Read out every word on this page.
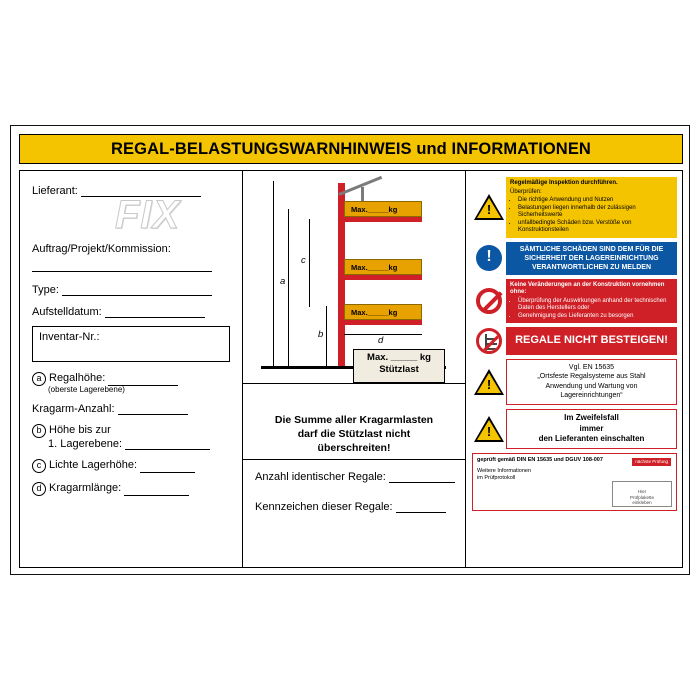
REGAL-BELASTUNGSWARNHINWEIS und INFORMATIONEN
FIX
Lieferant:
Auftrag/Projekt/Kommission:
Type:
Aufstelldatum:
Inventar-Nr.:
a Regalhöhe:
(oberste Lagerebene)
Kragarm-Anzahl:
b Höhe bis zur
1. Lagerebene:
c Lichte Lagerhöhe:
d Kragarmlänge:
Max._____kg
Max._____kg
Max._____kg
a
c
b
d
Max. _____ kg
Stützlast
Die Summe aller Kragarmlasten
darf die Stützlast nicht
überschreiten!
Anzahl identischer Regale:
Kennzeichen dieser Regale:
!
Regelmäßige Inspektion durchführen.
Überprüfen:
• Die richtige Anwendung und Nutzen
• Belastungen liegen innerhalb der zulässigen Sicherheitswerte
• unfallbedingte Schäden bzw. Verstöße von Konstruktionsteilen
!
SÄMTLICHE SCHÄDEN SIND DEM FÜR DIE SICHERHEIT DER LAGEREINRICHTUNG VERANTWORTLICHEN ZU MELDEN
Keine Veränderungen an der Konstruktion vornehmen ohne:
• Überprüfung der Auswirkungen anhand der technischen Daten des Herstellers oder
• Genehmigung des Lieferanten zu besorgen
REGALE NICHT BESTEIGEN!
!
Vgl. EN 15635
„Ortsfeste Regalsysteme aus Stahl
Anwendung und Wartung von
Lagereinrichtungen“
!
Im Zweifelsfall
immer
den Lieferanten einschalten
geprüft gemäß DIN EN 15635 und DGUV 108-007
Weitere Informationen
im Prüfprotokoll
nächste Prüfung
Hier
Prüfplakette
einkleben
